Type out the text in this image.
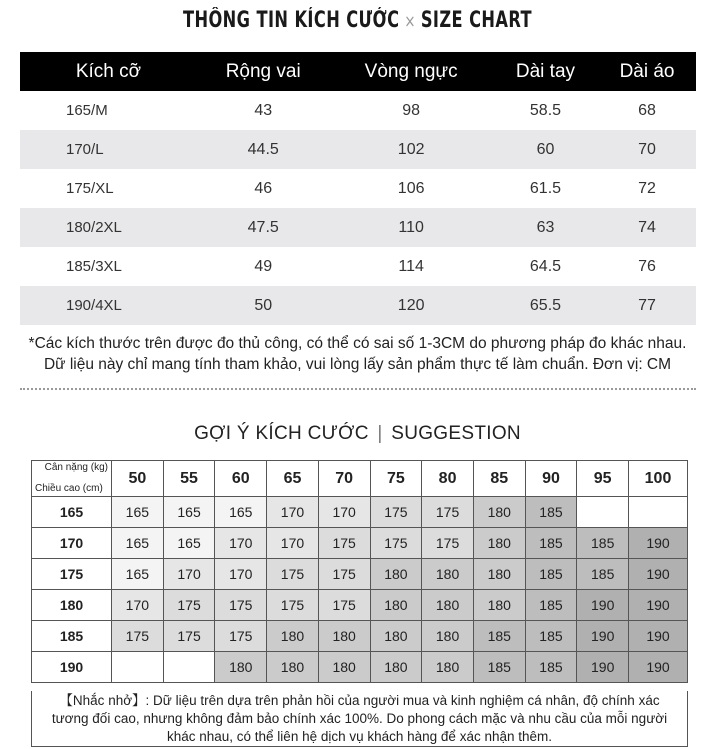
THÔNG TIN KÍCH CƯỚC × SIZE CHART
Kích cỡ	Rộng vai	Vòng ngực	Dài tay	Dài áo
165/M	43	98	58.5	68
170/L	44.5	102	60	70
175/XL	46	106	61.5	72
180/2XL	47.5	110	63	74
185/3XL	49	114	64.5	76
190/4XL	50	120	65.5	77
*Các kích thước trên được đo thủ công, có thể có sai số 1-3CM do phương pháp đo khác nhau.
Dữ liệu này chỉ mang tính tham khảo, vui lòng lấy sản phẩm thực tế làm chuẩn. Đơn vị: CM
GỢI Ý KÍCH CƯỚC | SUGGESTION
Cân nặng (kg)
Chiều cao (cm)	50	55	60	65	70	75	80	85	90	95	100
165	165	165	165	170	170	175	175	180	185		
170	165	165	170	170	175	175	175	180	185	185	190
175	165	170	170	175	175	180	180	180	185	185	190
180	170	175	175	175	175	180	180	180	185	190	190
185	175	175	175	180	180	180	180	185	185	190	190
190			180	180	180	180	180	185	185	190	190
【Nhắc nhở】: Dữ liệu trên dựa trên phản hồi của người mua và kinh nghiệm cá nhân, độ chính xác
tương đối cao, nhưng không đảm bảo chính xác 100%. Do phong cách mặc và nhu cầu của mỗi người
khác nhau, có thể liên hệ dịch vụ khách hàng để xác nhận thêm.
